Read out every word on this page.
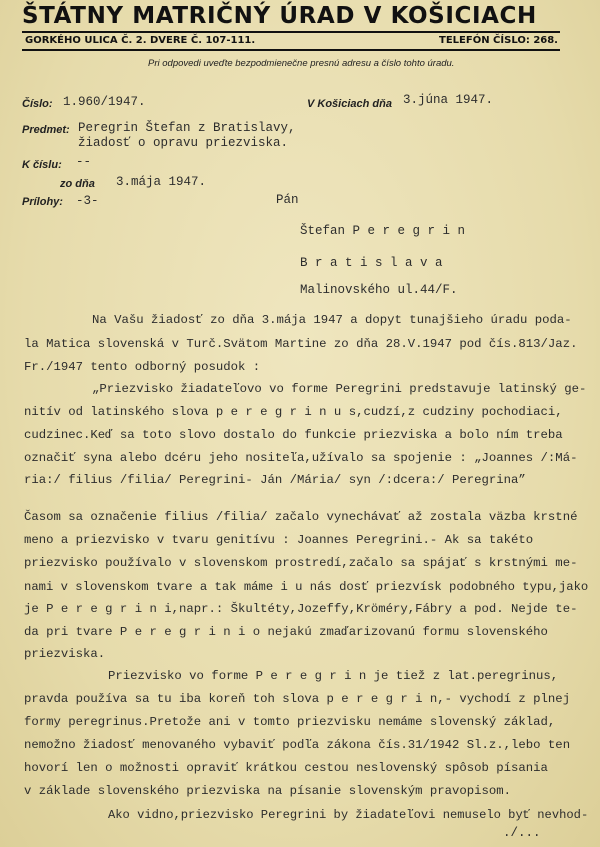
ŠTÁTNY MATRIČNÝ ÚRAD V KOŠICIACH
GORKÉHO ULICA Č. 2. DVERE Č. 107-111.	TELEFÓN ČÍSLO: 268.
Pri odpovedi uveďte bezpodmienečne presnú adresu a číslo tohto úradu.
Číslo: 1.960/1947.	V Košiciach dňa 3.júna 1947.
Predmet: Peregrin Štefan z Bratislavy,
žiadosť o opravu priezviska.
K číslu: --
zo dňa 3.mája 1947.
Prílohy: -3-	Pán
Štefan P e r e g r i n
B r a t i s l a v a
Malinovského ul.44/F.
Na Vašu žiadosť zo dňa 3.mája 1947 a dopyt tunajšieho úradu poda-
la Matica slovenská v Turč.Svätom Martine zo dňa 28.V.1947 pod čís.813/Jaz.
Fr./1947 tento odborný posudok :
„Priezvisko žiadateľovo vo forme Peregrini predstavuje latinský ge-
nitív od latinského slova p e r e g r i n u s,cudzí,z cudziny pochodiaci,
cudzinec.Keď sa toto slovo dostalo do funkcie priezviska a bolo ním treba
označiť syna alebo dcéru jeho nositeľa,užívalo sa spojenie : „Joannes /:Má-
ria:/ filius /filia/ Peregrini- Ján /Mária/ syn /:dcera:/ Peregrina”
Časom sa označenie filius /filia/ začalo vynechávať až zostala väzba krstné
meno a priezvisko v tvaru genitívu : Joannes Peregrini.- Ak sa takéto
priezvisko používalo v slovenskom prostredí,začalo sa spájať s krstnými me-
nami v slovenskom tvare a tak máme i u nás dosť priezvísk podobného typu,jako
je P e r e g r i n i,napr.: Škultéty,Jozeffy,Kröméry,Fábry a pod. Nejde te-
da pri tvare P e r e g r i n i o nejakú zmaďarizovanú formu slovenského
priezviska.
Priezvisko vo forme P e r e g r i n je tiež z lat.peregrinus,
pravda používa sa tu iba koreň toh slova p e r e g r i n,- vychodí z plnej
formy peregrinus.Pretože ani v tomto priezvisku nemáme slovenský základ,
nemožno žiadosť menovaného vybaviť podľa zákona čís.31/1942 Sl.z.,lebo ten
hovorí len o možnosti opraviť krátkou cestou neslovenský spôsob písania
v základe slovenského priezviska na písanie slovenským pravopisom.
Ako vidno,priezvisko Peregrini by žiadateľovi nemuselo byť nevhod-
./...
